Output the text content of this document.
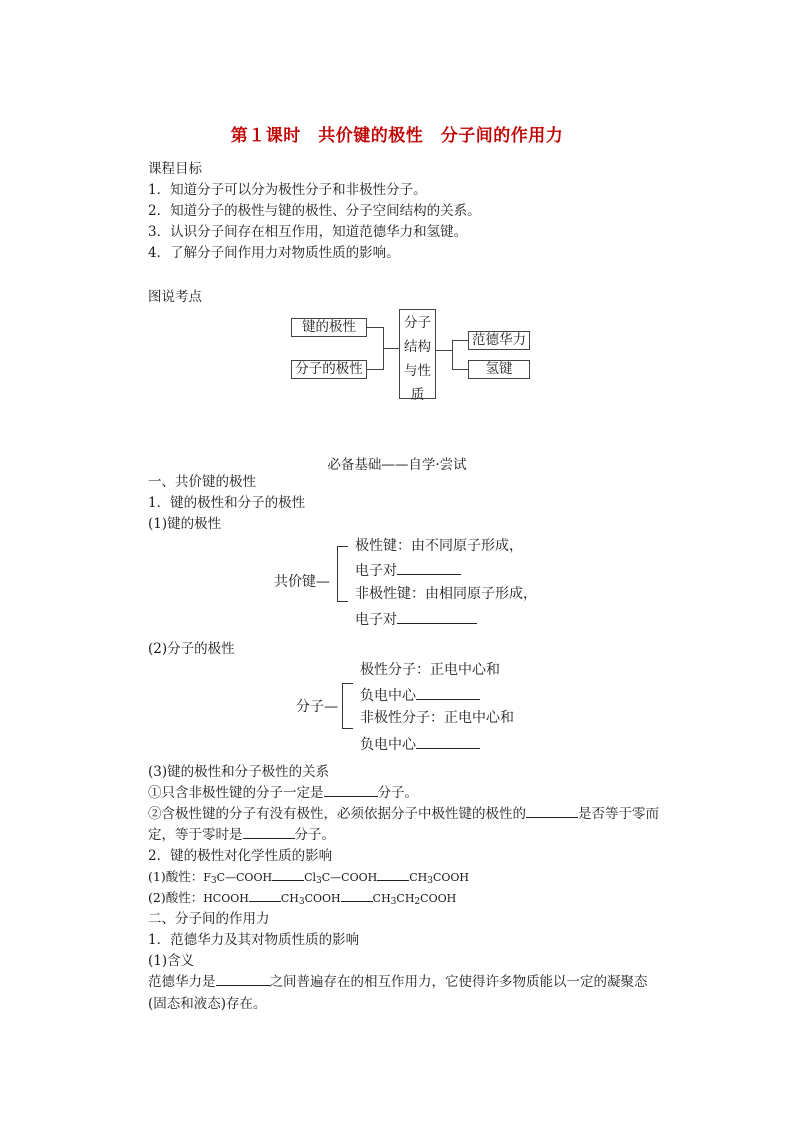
第１课时　共价键的极性　分子间的作用力
课程目标
1．知道分子可以分为极性分子和非极性分子。
2．知道分子的极性与键的极性、分子空间结构的关系。
3．认识分子间存在相互作用，知道范德华力和氢键。
4．了解分子间作用力对物质性质的影响。
图说考点
键的极性
分子的极性
分子
结构
与性
质
范德华力
氢键
必备基础——自学·尝试
一、共价键的极性
1．键的极性和分子的极性
(1)键的极性
共价键—
极性键：由不同原子形成，
电子对
非极性键：由相同原子形成，
电子对
(2)分子的极性
分子—
极性分子：正电中心和
负电中心
非极性分子：正电中心和
负电中心
(3)键的极性和分子极性的关系
①只含非极性键的分子一定是	分子。
②含极性键的分子有没有极性，必须依据分子中极性键的极性的	是否等于零而
定，等于零时是	分子。
2．键的极性对化学性质的影响
(1)酸性：$F_3C—COOH$	$Cl_3C—COOH$	$CH_3COOH$
(2)酸性：HCOOH	$CH_3COOH$	$CH_3CH_2COOH$
二、分子间的作用力
1．范德华力及其对物质性质的影响
(1)含义
范德华力是	之间普遍存在的相互作用力，它使得许多物质能以一定的凝聚态
(固态和液态)存在。
